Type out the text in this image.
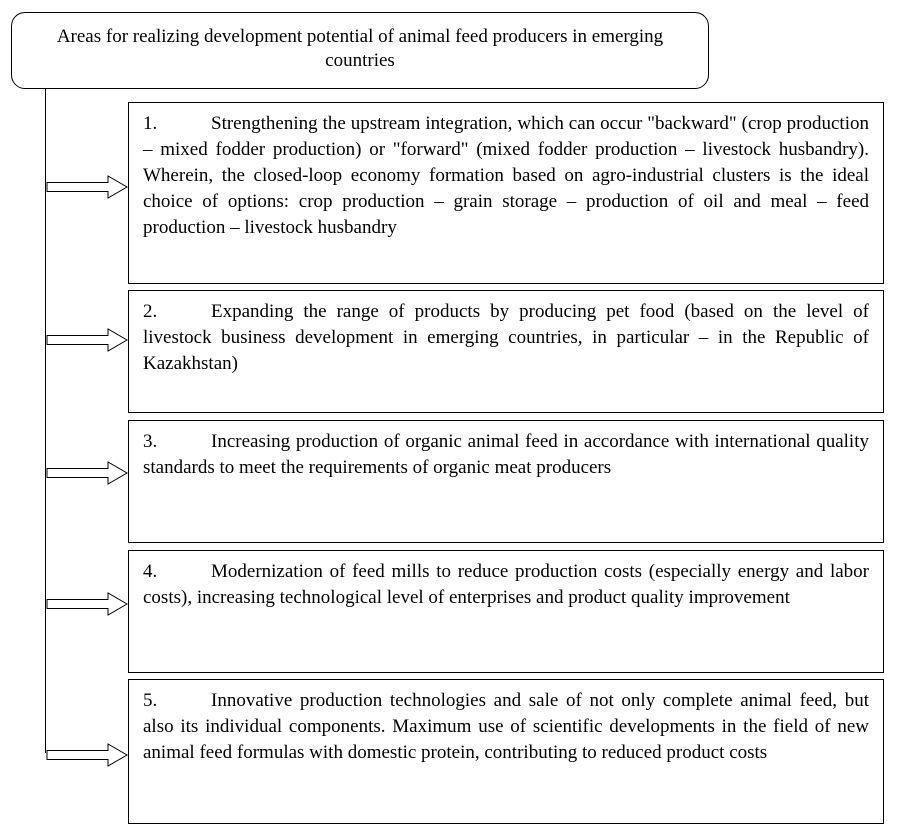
Areas for realizing development potential of animal feed producers in emerging countries
1.	Strengthening the upstream integration, which can occur "backward" (crop production – mixed fodder production) or "forward" (mixed fodder production – livestock husbandry). Wherein, the closed-loop economy formation based on agro-industrial clusters is the ideal choice of options: crop production – grain storage – production of oil and meal – feed production – livestock husbandry
2.	Expanding the range of products by producing pet food (based on the level of livestock business development in emerging countries, in particular – in the Republic of Kazakhstan)
3.	Increasing production of organic animal feed in accordance with international quality standards to meet the requirements of organic meat producers
4.	Modernization of feed mills to reduce production costs (especially energy and labor costs), increasing technological level of enterprises and product quality improvement
5.	Innovative production technologies and sale of not only complete animal feed, but also its individual components. Maximum use of scientific developments in the field of new animal feed formulas with domestic protein, contributing to reduced product costs
